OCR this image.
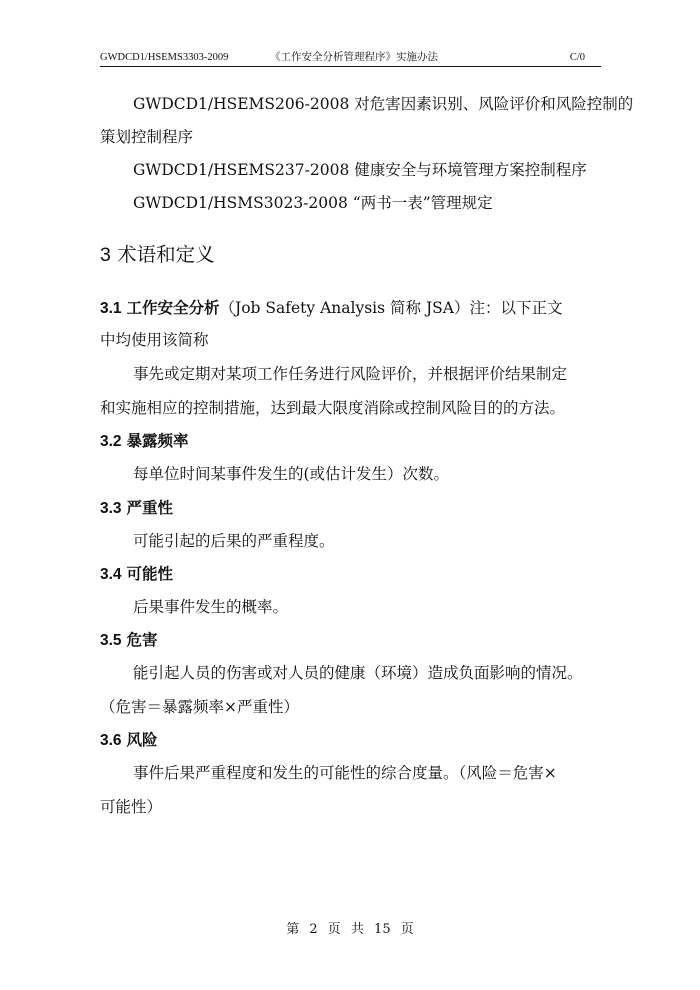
GWDCD1/HSEMS3303-2009	《工作安全分析管理程序》实施办法	C/0
GWDCD1/HSEMS206-2008 对危害因素识别、风险评价和风险控制的
策划控制程序
GWDCD1/HSEMS237-2008 健康安全与环境管理方案控制程序
GWDCD1/HSMS3023-2008 “两书一表”管理规定
3 术语和定义
3.1 工作安全分析（Job Safety Analysis 简称 JSA）注：以下正文
中均使用该简称
事先或定期对某项工作任务进行风险评价，并根据评价结果制定
和实施相应的控制措施，达到最大限度消除或控制风险目的的方法。
3.2 暴露频率
每单位时间某事件发生的(或估计发生）次数。
3.3 严重性
可能引起的后果的严重程度。
3.4 可能性
后果事件发生的概率。
3.5 危害
能引起人员的伤害或对人员的健康（环境）造成负面影响的情况。
（危害＝暴露频率×严重性）
3.6 风险
事件后果严重程度和发生的可能性的综合度量。（风险＝危害×
可能性）
第 2 页 共 15 页
